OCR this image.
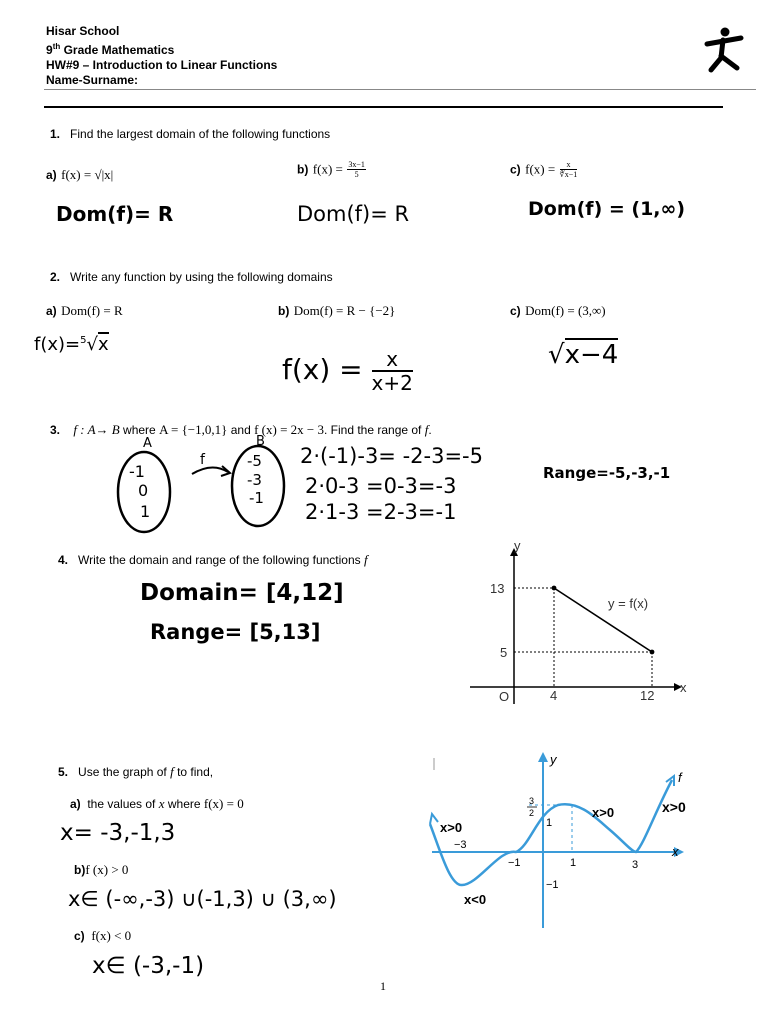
Hisar School
9th Grade Mathematics
HW#9 – Introduction to Linear Functions
Name-Surname:
1. Find the largest domain of the following functions
a) f(x) = √|x|	b) $f(x) = \frac{3x-1}{5}$	c) $f(x) = \frac{x}{∜x-1}$
Dom(f)= R	Dom(f)= R	Dom(f) = (1,∞)
2. Write any function by using the following domains
a) Dom(f) = R	b) Dom(f) = R − {−2}	c) Dom(f) = (3,∞)
f(x)=$^5$√x
$f(x) = \frac{x}{x+2}$	√x−4
3. f : A→ B where A = {−1,0,1} and f (x) = 2x − 3. Find the range of f.
A
-1
0
1
f
B
-5
-3
-1
2·(-1)-3= -2-3=-5
2·0-3 =0-3=-3
2·1-3 =2-3=-1
Range=-5,-3,-1
4. Write the domain and range of the following functions f
Domain= [4,12]
Range= [5,13]
y
x
O
13
5
4	12
y = f(x)
5. Use the graph of f to find,
a) the values of x where f(x) = 0
x= -3,-1,3
b)f (x) > 0
x∈ (-∞,-3) ∪(-1,3) ∪ (3,∞)
c) f(x) < 0
x∈ (-3,-1)
y
x
f
3
2
1
−1
−3
−1	1	3
x>0
x<0
x>0	x>0
1
